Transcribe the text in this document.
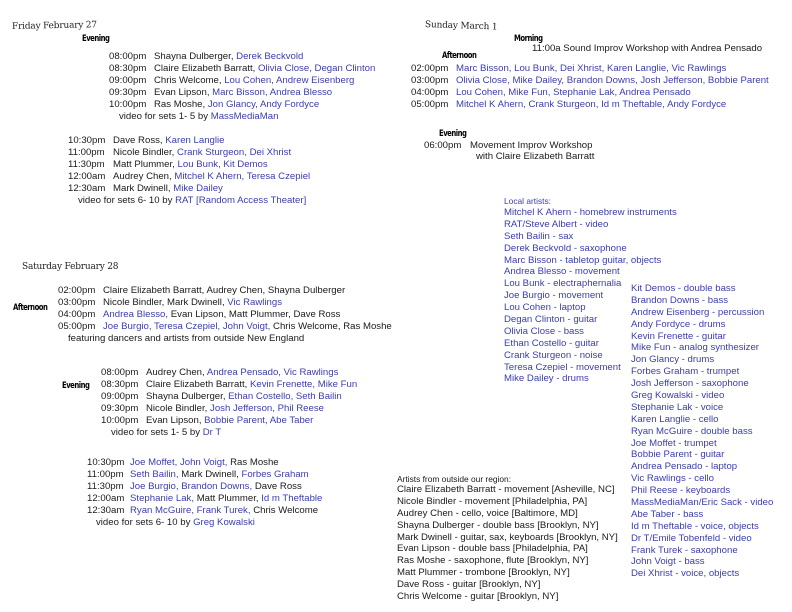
Friday February 27
Evening
video for sets 1- 5 by MassMediaMan
video for sets 6- 10 by RAT [Random Access Theater]
Saturday February 28
Afternoon
featuring dancers and artists from outside New England
Evening
video for sets 1- 5 by Dr T
video for sets 6- 10 by Greg Kowalski
Sunday March 1
Morning
11:00a Sound Improv Workshop with Andrea Pensado
Afternoon
Evening
06:00pm Movement Improv Workshop
with Claire Elizabeth Barratt
Local artists:
Mitchel K Ahern - homebrew instruments
RAT/Steve Albert - video
Seth Bailin - sax
Derek Beckvold - saxophone
Marc Bisson - tabletop guitar, objects
Andrea Blesso - movement
Lou Bunk - electraphernalia
Joe Burgio - movement
Lou Cohen - laptop
Degan Clinton - guitar
Olivia Close - bass
Ethan Costello - guitar
Crank Sturgeon - noise
Teresa Czepiel - movement
Mike Dailey - drums
Kit Demos - double bass
Brandon Downs - bass
Andrew Eisenberg - percussion
Andy Fordyce - drums
Kevin Frenette - guitar
Mike Fun - analog synthesizer
Jon Glancy - drums
Forbes Graham - trumpet
Josh Jefferson - saxophone
Greg Kowalski - video
Stephanie Lak - voice
Karen Langlie - cello
Ryan McGuire - double bass
Joe Moffet - trumpet
Bobbie Parent - guitar
Andrea Pensado - laptop
Vic Rawlings - cello
Phil Reese - keyboards
MassMediaMan/Eric Sack - video
Abe Taber - bass
Id m Theftable - voice, objects
Dr T/Emile Tobenfeld - video
Frank Turek - saxophone
John Voigt - bass
Dei Xhrist - voice, objects
Artists from outside our region:
Claire Elizabeth Barratt - movement [Asheville, NC]
Nicole Bindler - movement [Philadelphia, PA]
Audrey Chen - cello, voice [Baltimore, MD]
Shayna Dulberger - double bass [Brooklyn, NY]
Mark Dwinell - guitar, sax, keyboards [Brooklyn, NY]
Evan Lipson - double bass [Philadelphia, PA]
Ras Moshe - saxophone, flute [Brooklyn, NY]
Matt Plummer - trombone [Brooklyn, NY]
Dave Ross - guitar [Brooklyn, NY]
Chris Welcome - guitar [Brooklyn, NY]
08:00pm Shayna Dulberger, Derek Beckvold
08:30pm Claire Elizabeth Barratt, Olivia Close, Degan Clinton
09:00pm Chris Welcome, Lou Cohen, Andrew Eisenberg
09:30pm Evan Lipson, Marc Bisson, Andrea Blesso
10:00pm Ras Moshe, Jon Glancy, Andy Fordyce
10:30pm Dave Ross, Karen Langlie
11:00pm Nicole Bindler, Crank Sturgeon, Dei Xhrist
11:30pm Matt Plummer, Lou Bunk, Kit Demos
12:00am Audrey Chen, Mitchel K Ahern, Teresa Czepiel
12:30am Mark Dwinell, Mike Dailey
02:00pm Claire Elizabeth Barratt, Audrey Chen, Shayna Dulberger
03:00pm Nicole Bindler, Mark Dwinell, Vic Rawlings
04:00pm Andrea Blesso, Evan Lipson, Matt Plummer, Dave Ross
05:00pm Joe Burgio, Teresa Czepiel, John Voigt, Chris Welcome, Ras Moshe
08:00pm Audrey Chen, Andrea Pensado, Vic Rawlings
08:30pm Claire Elizabeth Barratt, Kevin Frenette, Mike Fun
09:00pm Shayna Dulberger, Ethan Costello, Seth Bailin
09:30pm Nicole Bindler, Josh Jefferson, Phil Reese
10:00pm Evan Lipson, Bobbie Parent, Abe Taber
10:30pm Joe Moffet, John Voigt, Ras Moshe
11:00pm Seth Bailin, Mark Dwinell, Forbes Graham
11:30pm Joe Burgio, Brandon Downs, Dave Ross
12:00am Stephanie Lak, Matt Plummer, Id m Theftable
12:30am Ryan McGuire, Frank Turek, Chris Welcome
02:00pm Marc Bisson, Lou Bunk, Dei Xhrist, Karen Langlie, Vic Rawlings
03:00pm Olivia Close, Mike Dailey, Brandon Downs, Josh Jefferson, Bobbie Parent
04:00pm Lou Cohen, Mike Fun, Stephanie Lak, Andrea Pensado
05:00pm Mitchel K Ahern, Crank Sturgeon, Id m Theftable, Andy Fordyce
